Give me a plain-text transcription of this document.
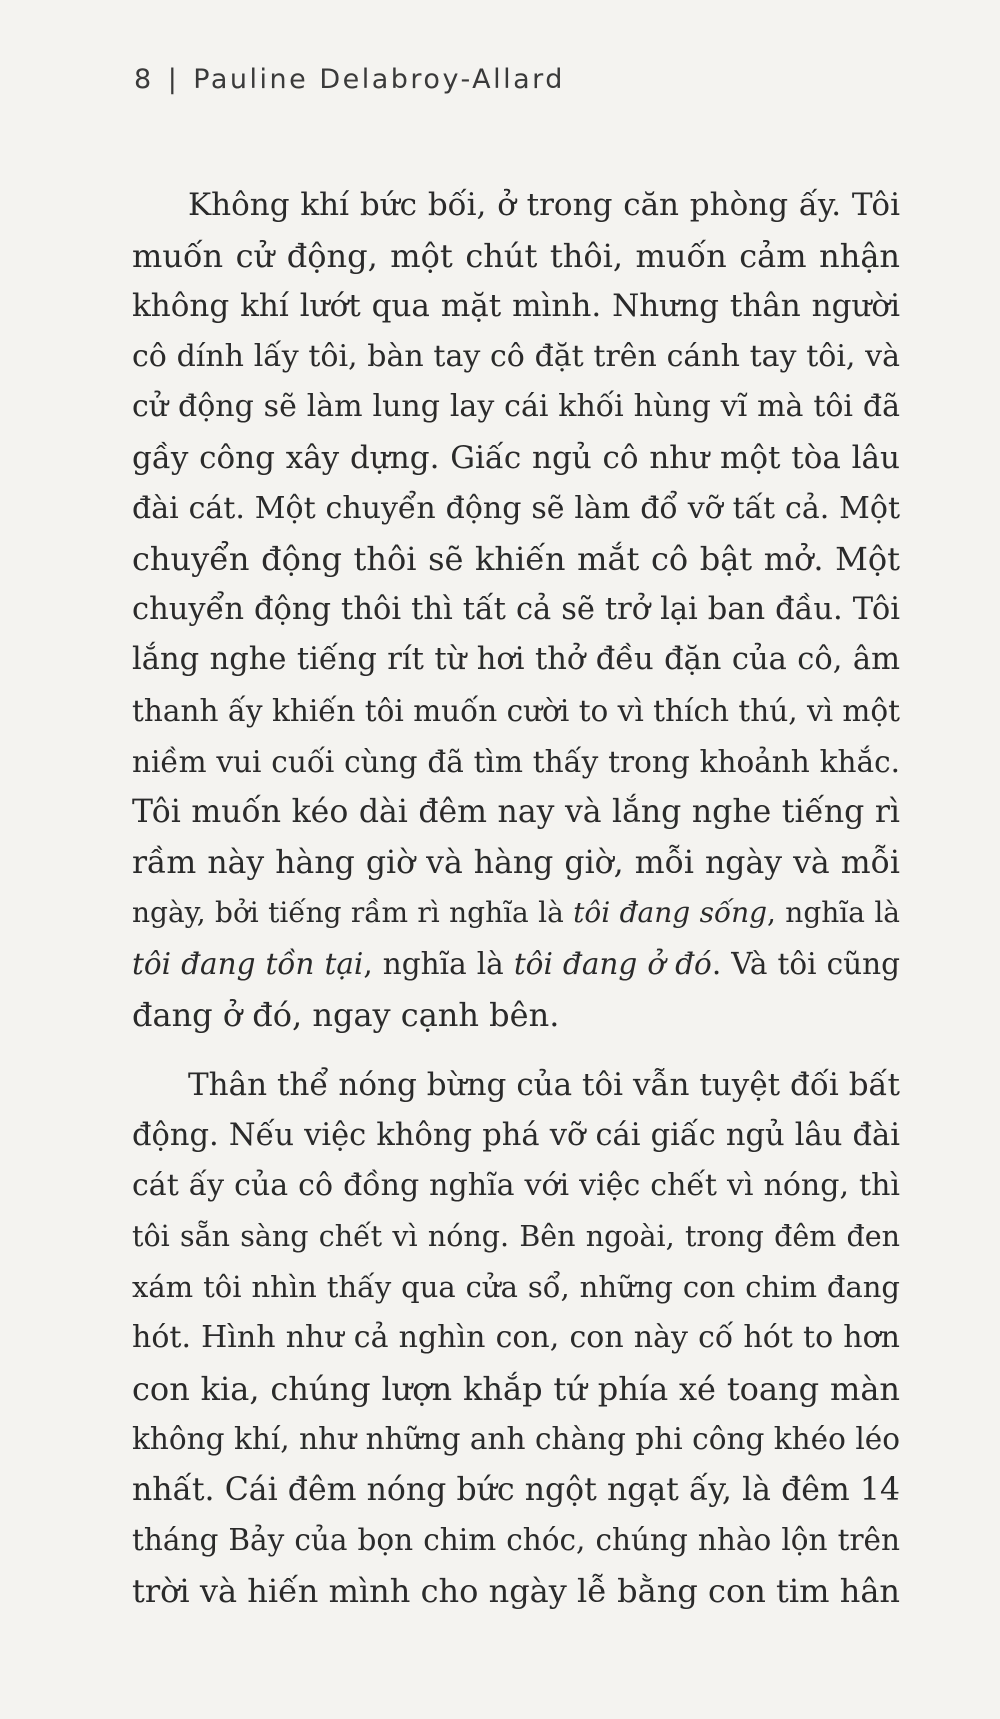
8 | Pauline Delabroy-Allard
Không khí bức bối, ở trong căn phòng ấy. Tôi
muốn cử động, một chút thôi, muốn cảm nhận
không khí lướt qua mặt mình. Nhưng thân người
cô dính lấy tôi, bàn tay cô đặt trên cánh tay tôi, và
cử động sẽ làm lung lay cái khối hùng vĩ mà tôi đã
gầy công xây dựng. Giấc ngủ cô như một tòa lâu
đài cát. Một chuyển động sẽ làm đổ vỡ tất cả. Một
chuyển động thôi sẽ khiến mắt cô bật mở. Một
chuyển động thôi thì tất cả sẽ trở lại ban đầu. Tôi
lắng nghe tiếng rít từ hơi thở đều đặn của cô, âm
thanh ấy khiến tôi muốn cười to vì thích thú, vì một
niềm vui cuối cùng đã tìm thấy trong khoảnh khắc.
Tôi muốn kéo dài đêm nay và lắng nghe tiếng rì
rầm này hàng giờ và hàng giờ, mỗi ngày và mỗi
ngày, bởi tiếng rầm rì nghĩa là tôi đang sống, nghĩa là
tôi đang tồn tại, nghĩa là tôi đang ở đó. Và tôi cũng
đang ở đó, ngay cạnh bên.
Thân thể nóng bừng của tôi vẫn tuyệt đối bất
động. Nếu việc không phá vỡ cái giấc ngủ lâu đài
cát ấy của cô đồng nghĩa với việc chết vì nóng, thì
tôi sẵn sàng chết vì nóng. Bên ngoài, trong đêm đen
xám tôi nhìn thấy qua cửa sổ, những con chim đang
hót. Hình như cả nghìn con, con này cố hót to hơn
con kia, chúng lượn khắp tứ phía xé toang màn
không khí, như những anh chàng phi công khéo léo
nhất. Cái đêm nóng bức ngột ngạt ấy, là đêm 14
tháng Bảy của bọn chim chóc, chúng nhào lộn trên
trời và hiến mình cho ngày lễ bằng con tim hân
